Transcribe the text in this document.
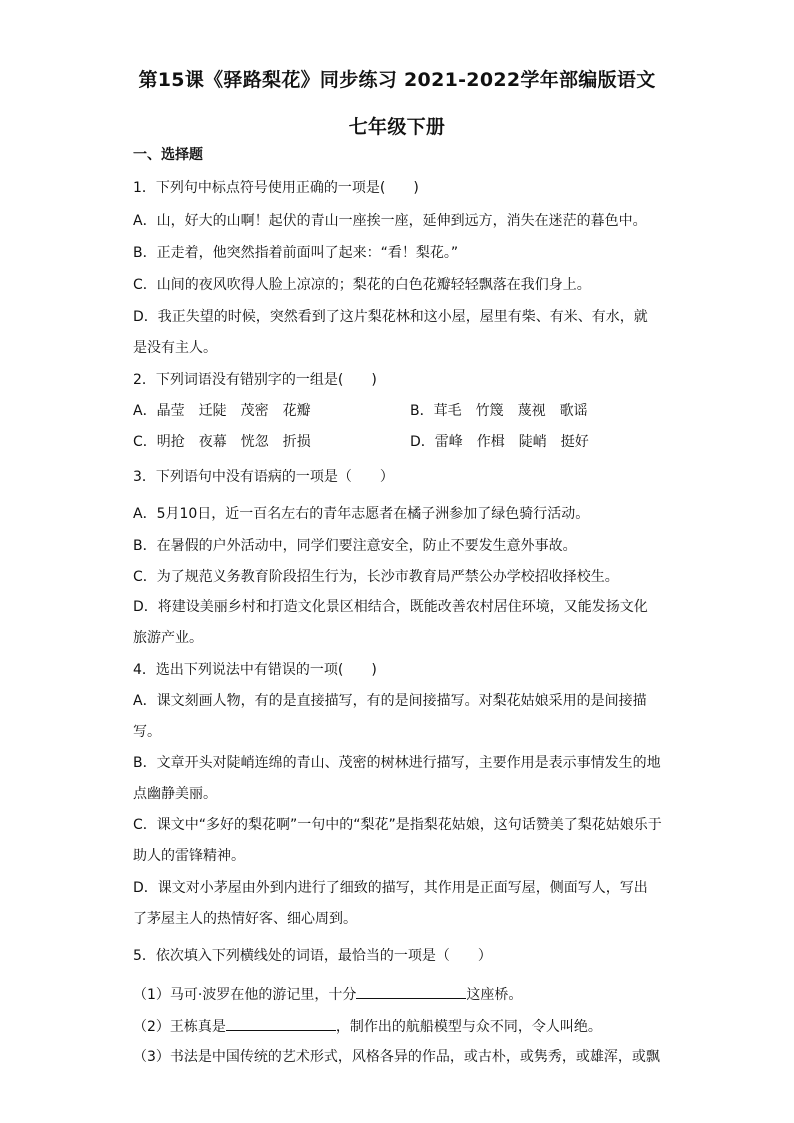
第15课《驿路梨花》同步练习 2021-2022学年部编版语文
七年级下册
一、选择题
1．下列句中标点符号使用正确的一项是(　　)
A．山，好大的山啊！起伏的青山一座挨一座，延伸到远方，消失在迷茫的暮色中。
B．正走着，他突然指着前面叫了起来：“看！梨花。”
C．山间的夜风吹得人脸上凉凉的；梨花的白色花瓣轻轻飘落在我们身上。
D．我正失望的时候，突然看到了这片梨花林和这小屋，屋里有柴、有米、有水，就
是没有主人。
2．下列词语没有错别字的一组是(　　)
A．晶莹　迁陡　茂密　花瓣	B．茸毛　竹篾　蔑视　歌谣
C．明抢　夜幕　恍忽　折损	D．雷峰　作楫　陡峭　挺好
3．下列语句中没有语病的一项是（　　）
A．5月10日，近一百名左右的青年志愿者在橘子洲参加了绿色骑行活动。
B．在暑假的户外活动中，同学们要注意安全，防止不要发生意外事故。
C．为了规范义务教育阶段招生行为，长沙市教育局严禁公办学校招收择校生。
D．将建设美丽乡村和打造文化景区相结合，既能改善农村居住环境，又能发扬文化
旅游产业。
4．选出下列说法中有错误的一项(　　)
A．课文刻画人物，有的是直接描写，有的是间接描写。对梨花姑娘采用的是间接描
写。
B．文章开头对陡峭连绵的青山、茂密的树林进行描写，主要作用是表示事情发生的地
点幽静美丽。
C．课文中“多好的梨花啊”一句中的“梨花”是指梨花姑娘，这句话赞美了梨花姑娘乐于
助人的雷锋精神。
D．课文对小茅屋由外到内进行了细致的描写，其作用是正面写屋，侧面写人，写出
了茅屋主人的热情好客、细心周到。
5．依次填入下列横线处的词语，最恰当的一项是（　　）
（1）马可·波罗在他的游记里，十分	这座桥。
（2）王栋真是	，制作出的航船模型与众不同，令人叫绝。
（3）书法是中国传统的艺术形式，风格各异的作品，或古朴，或隽秀，或雄浑，或飘
